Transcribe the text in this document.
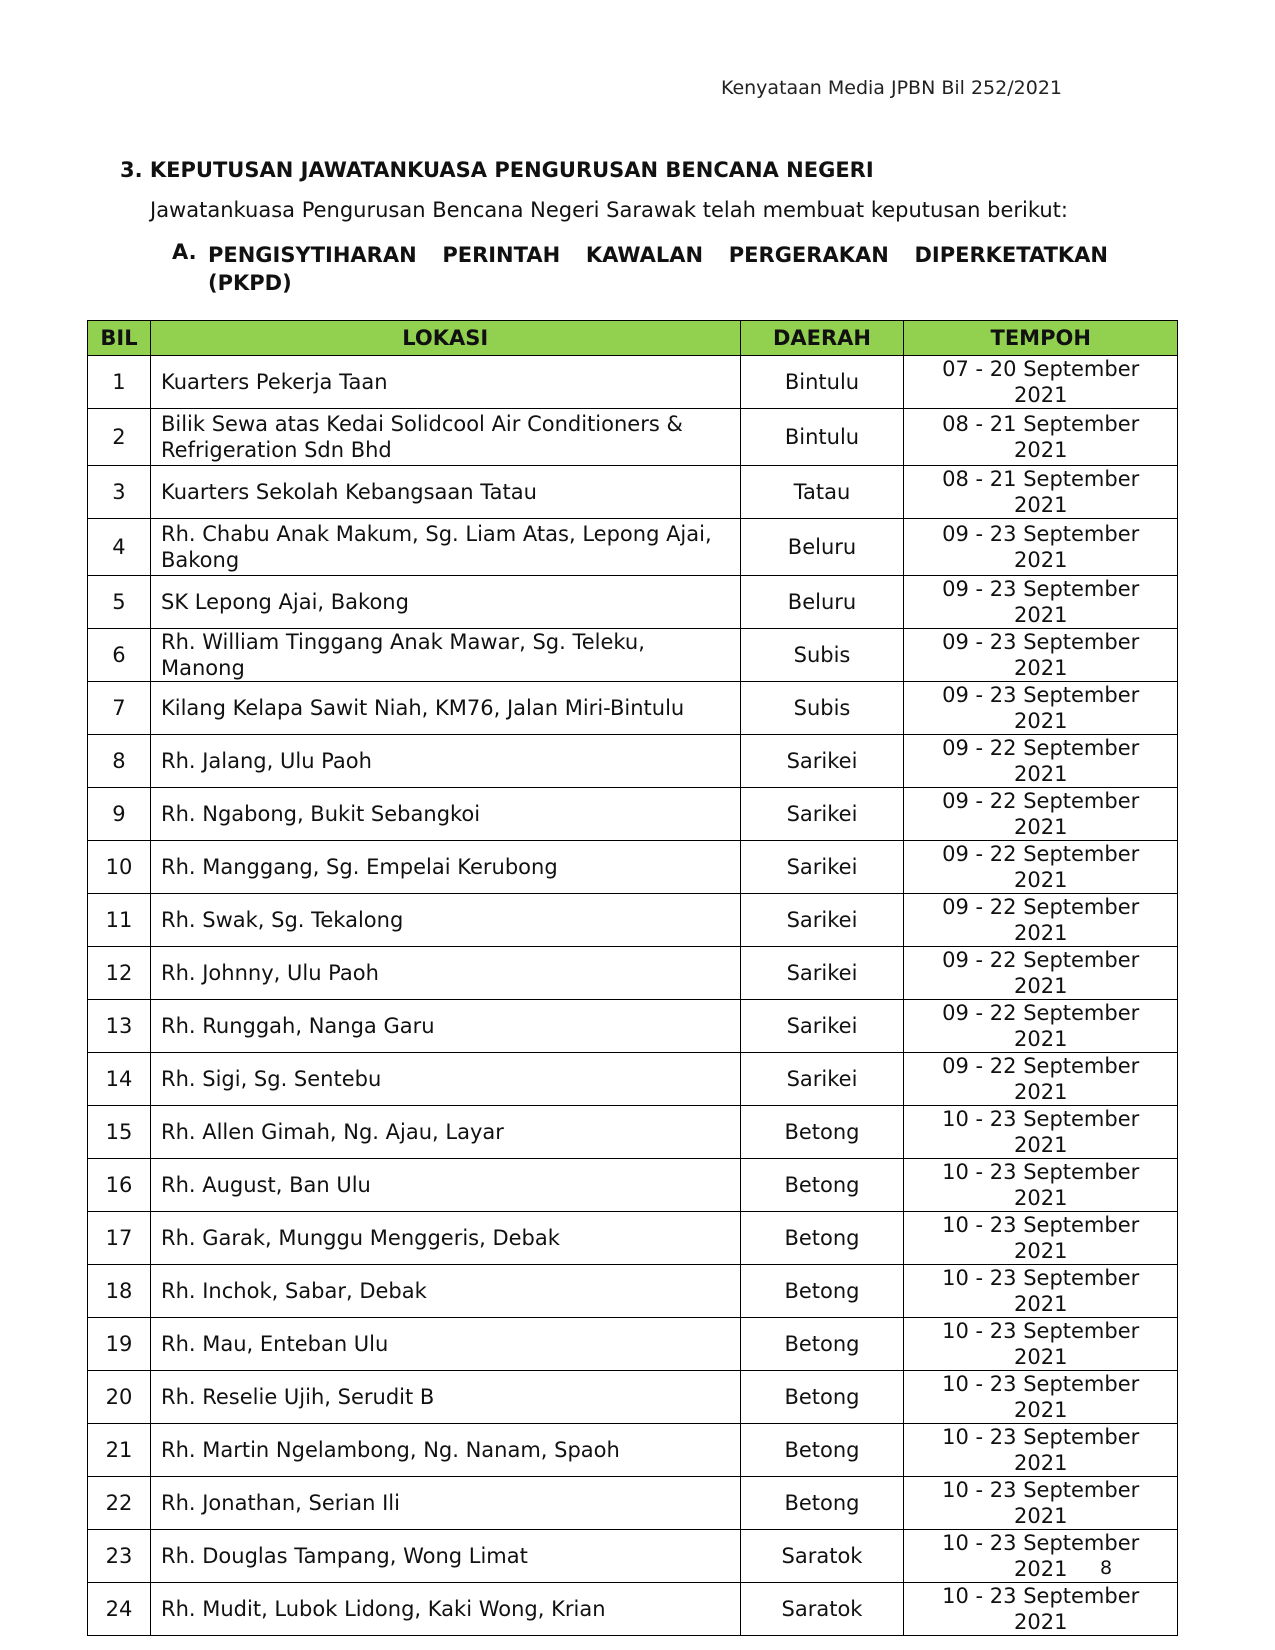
Kenyataan Media JPBN Bil 252/2021
3. KEPUTUSAN JAWATANKUASA PENGURUSAN BENCANA NEGERI
Jawatankuasa Pengurusan Bencana Negeri Sarawak telah membuat keputusan berikut:
A. PENGISYTIHARAN PERINTAH KAWALAN PERGERAKAN DIPERKETATKAN
(PKPD)
BIL	LOKASI	DAERAH	TEMPOH
1	Kuarters Pekerja Taan	Bintulu	07 - 20 September 2021
2	Bilik Sewa atas Kedai Solidcool Air Conditioners & Refrigeration Sdn Bhd	Bintulu	08 - 21 September 2021
3	Kuarters Sekolah Kebangsaan Tatau	Tatau	08 - 21 September 2021
4	Rh. Chabu Anak Makum, Sg. Liam Atas, Lepong Ajai, Bakong	Beluru	09 - 23 September 2021
5	SK Lepong Ajai, Bakong	Beluru	09 - 23 September 2021
6	Rh. William Tinggang Anak Mawar, Sg. Teleku, Manong	Subis	09 - 23 September 2021
7	Kilang Kelapa Sawit Niah, KM76, Jalan Miri-Bintulu	Subis	09 - 23 September 2021
8	Rh. Jalang, Ulu Paoh	Sarikei	09 - 22 September 2021
9	Rh. Ngabong, Bukit Sebangkoi	Sarikei	09 - 22 September 2021
10	Rh. Manggang, Sg. Empelai Kerubong	Sarikei	09 - 22 September 2021
11	Rh. Swak, Sg. Tekalong	Sarikei	09 - 22 September 2021
12	Rh. Johnny, Ulu Paoh	Sarikei	09 - 22 September 2021
13	Rh. Runggah, Nanga Garu	Sarikei	09 - 22 September 2021
14	Rh. Sigi, Sg. Sentebu	Sarikei	09 - 22 September 2021
15	Rh. Allen Gimah, Ng. Ajau, Layar	Betong	10 - 23 September 2021
16	Rh. August, Ban Ulu	Betong	10 - 23 September 2021
17	Rh. Garak, Munggu Menggeris, Debak	Betong	10 - 23 September 2021
18	Rh. Inchok, Sabar, Debak	Betong	10 - 23 September 2021
19	Rh. Mau, Enteban Ulu	Betong	10 - 23 September 2021
20	Rh. Reselie Ujih, Serudit B	Betong	10 - 23 September 2021
21	Rh. Martin Ngelambong, Ng. Nanam, Spaoh	Betong	10 - 23 September 2021
22	Rh. Jonathan, Serian Ili	Betong	10 - 23 September 2021
23	Rh. Douglas Tampang, Wong Limat	Saratok	10 - 23 September 2021
24	Rh. Mudit, Lubok Lidong, Kaki Wong, Krian	Saratok	10 - 23 September 2021
8
